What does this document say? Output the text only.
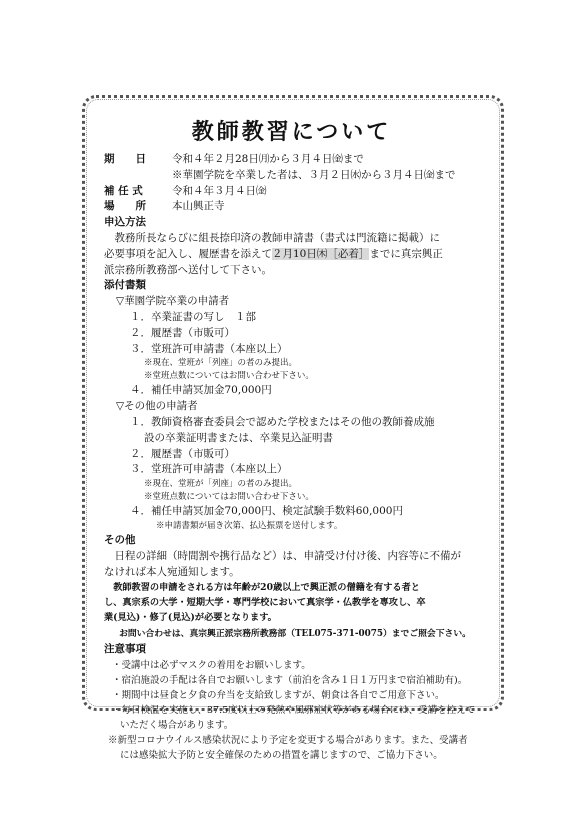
教師教習について
期　　日	令和４年２月28日㈪から３月４日㈮まで
※華園学院を卒業した者は、３月２日㈬から３月４日㈮まで
補 任 式	令和４年３月４日㈮
場　　所	本山興正寺
申込方法
教務所長ならびに組長捺印済の教師申請書（書式は門流籍に掲載）に
必要事項を記入し、履歴書を添えて２月10日㈭［必着］までに真宗興正
派宗務所教務部へ送付して下さい。
添付書類
▽華園学院卒業の申請者
１．卒業証書の写し　１部
２．履歴書（市販可）
３．堂班許可申請書（本座以上）
※現在、堂班が「列座」の者のみ提出。
※堂班点数についてはお問い合わせ下さい。
４．補任申請冥加金70,000円
▽その他の申請者
１．教師資格審査委員会で認めた学校またはその他の教師養成施
設の卒業証明書または、卒業見込証明書
２．履歴書（市販可）
３．堂班許可申請書（本座以上）
※現在、堂班が「列座」の者のみ提出。
※堂班点数についてはお問い合わせ下さい。
４．補任申請冥加金70,000円、検定試験手数料60,000円
※申請書類が届き次第、払込振票を送付します。
その他
日程の詳細（時間割や携行品など）は、申請受け付け後、内容等に不備が
なければ本人宛通知します。
教師教習の申請をされる方は年齢が20歳以上で興正派の僧籍を有する者と
し、真宗系の大学・短期大学・専門学校において真宗学・仏教学を専攻し、卒
業(見込)・修了(見込)が必要となります。
お問い合わせは、真宗興正派宗務所教務部（TEL075-371-0075）までご照会下さい。
注意事項
・受講中は必ずマスクの着用をお願いします。
・宿泊施設の手配は各自でお願いします（前泊を含み１日１万円まで宿泊補助有)。
・期間中は昼食と夕食の弁当を支給致しますが、朝食は各自でご用意下さい。
・毎日検温を実施し、37.5度以上の発熱や風邪症状等がある場合には、受講を控えて
いただく場合があります。
※新型コロナウイルス感染状況により予定を変更する場合があります。また、受講者
には感染拡大予防と安全確保のための措置を講じますので、ご協力下さい。
